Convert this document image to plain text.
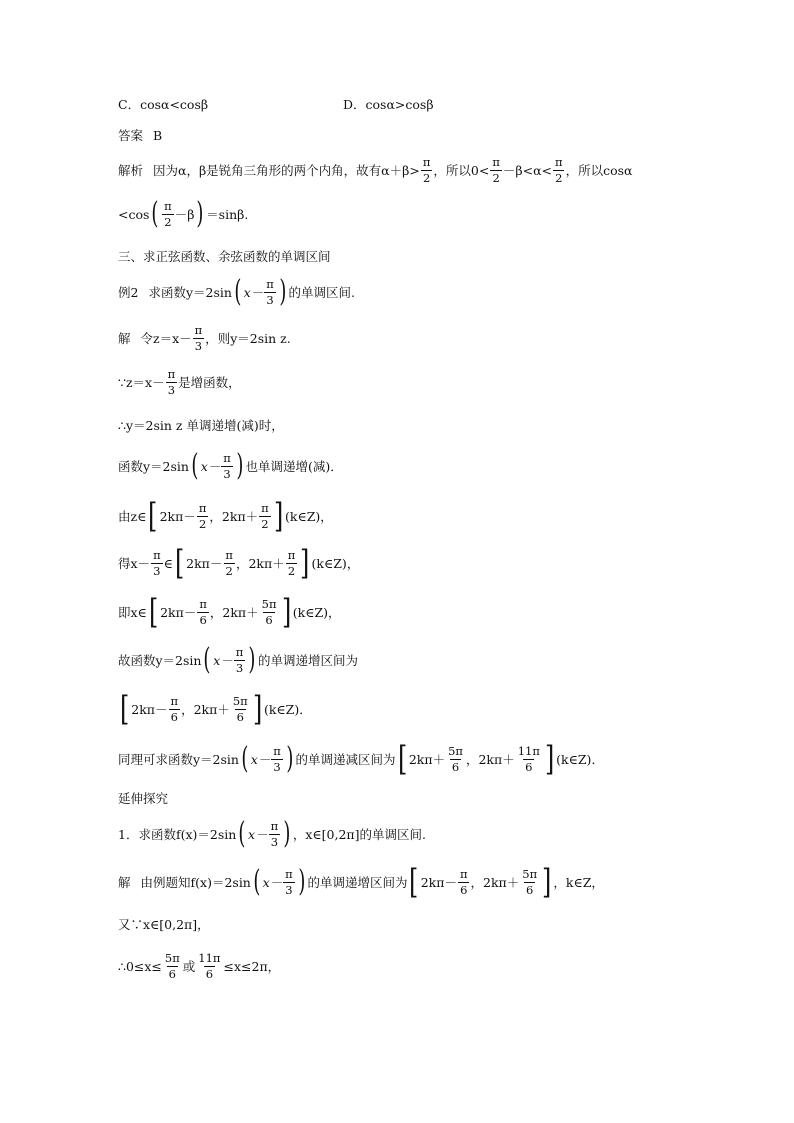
C．cosα<cosβ	D．cosα>cosβ
答案 B
解析 因为α，β是锐角三角形的两个内角，故有$\alpha+\beta> \frac{\pi}{2}$ ，所以$0< \frac{\pi}{2} -\beta<\alpha< \frac{\pi}{2}$ ，所以cosα
<cos ( $\frac{\pi}{2} -\beta$ ) ＝sinβ.
三、求正弦函数、余弦函数的单调区间
例2 求函数y＝2sin ( $x- \frac{\pi}{3}$ ) 的单调区间.
解 令$z=x- \frac{\pi}{3}$ ，则y＝2sin z.
∵z＝x－ $\frac{\pi}{3}$ 是增函数，
∴y＝2sin z 单调递增(减)时，
函数y＝2sin ( $x- \frac{\pi}{3}$ ) 也单调递增(减)．
由z∈ [ $2k\pi- \frac{\pi}{2}$ ，$2k\pi+ \frac{\pi}{2}$ ] (k∈Z)，
得$x- \frac{\pi}{3}$ ∈ [ $2k\pi- \frac{\pi}{2}$ ，$2k\pi+ \frac{\pi}{2}$ ] (k∈Z)，
即x∈ [ $2k\pi- \frac{\pi}{6}$ ，$2k\pi+ \frac{5\pi}{6}$ ] (k∈Z)，
故函数y＝2sin ( $x- \frac{\pi}{3}$ ) 的单调递增区间为
[ $2k\pi- \frac{\pi}{6}$ ，$2k\pi+ \frac{5\pi}{6}$ ] (k∈Z)．
同理可求函数y＝2sin ( $x- \frac{\pi}{3}$ ) 的单调递减区间为 [ $2k\pi+ \frac{5\pi}{6}$ ，$2k\pi+ \frac{11\pi}{6}$ ] (k∈Z)．
延伸探究
1．求函数f(x)＝2sin ( $x- \frac{\pi}{3}$ ) ，x∈[0,2π]的单调区间.
解 由例题知f(x)＝2sin ( $x- \frac{\pi}{3}$ ) 的单调递增区间为 [ $2k\pi- \frac{\pi}{6}$ ，$2k\pi+ \frac{5\pi}{6}$ ] ，k∈Z，
又∵x∈[0,2π]，
∴0≤x≤ $\frac{5\pi}{6}$ 或 $\frac{11\pi}{6} \le x\le 2\pi$，
